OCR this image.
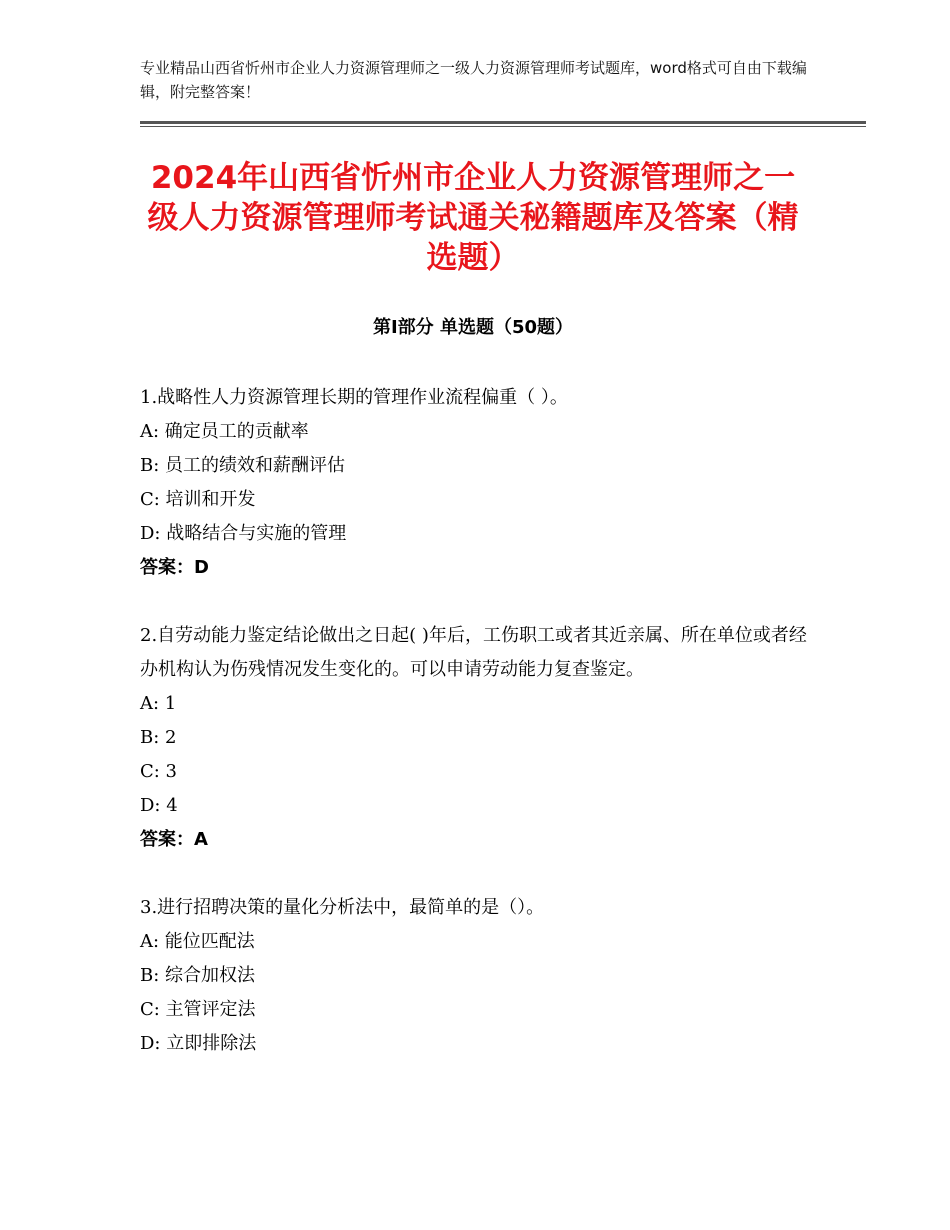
专业精品山西省忻州市企业人力资源管理师之一级人力资源管理师考试题库，word格式可自由下载编辑，附完整答案！
2024年山西省忻州市企业人力资源管理师之一级人力资源管理师考试通关秘籍题库及答案（精选题）
第Ⅰ部分 单选题（50题）

1.战略性人力资源管理长期的管理作业流程偏重（ ）。

A: 确定员工的贡献率

B: 员工的绩效和薪酬评估

C: 培训和开发

D: 战略结合与实施的管理

答案：D

2.自劳动能力鉴定结论做出之日起( )年后，工伤职工或者其近亲属、所在单位或者经办机构认为伤残情况发生变化的。可以申请劳动能力复查鉴定。

A: 1

B: 2

C: 3

D: 4

答案：A

3.进行招聘决策的量化分析法中，最简单的是（）。

A: 能位匹配法

B: 综合加权法

C: 主管评定法

D: 立即排除法
